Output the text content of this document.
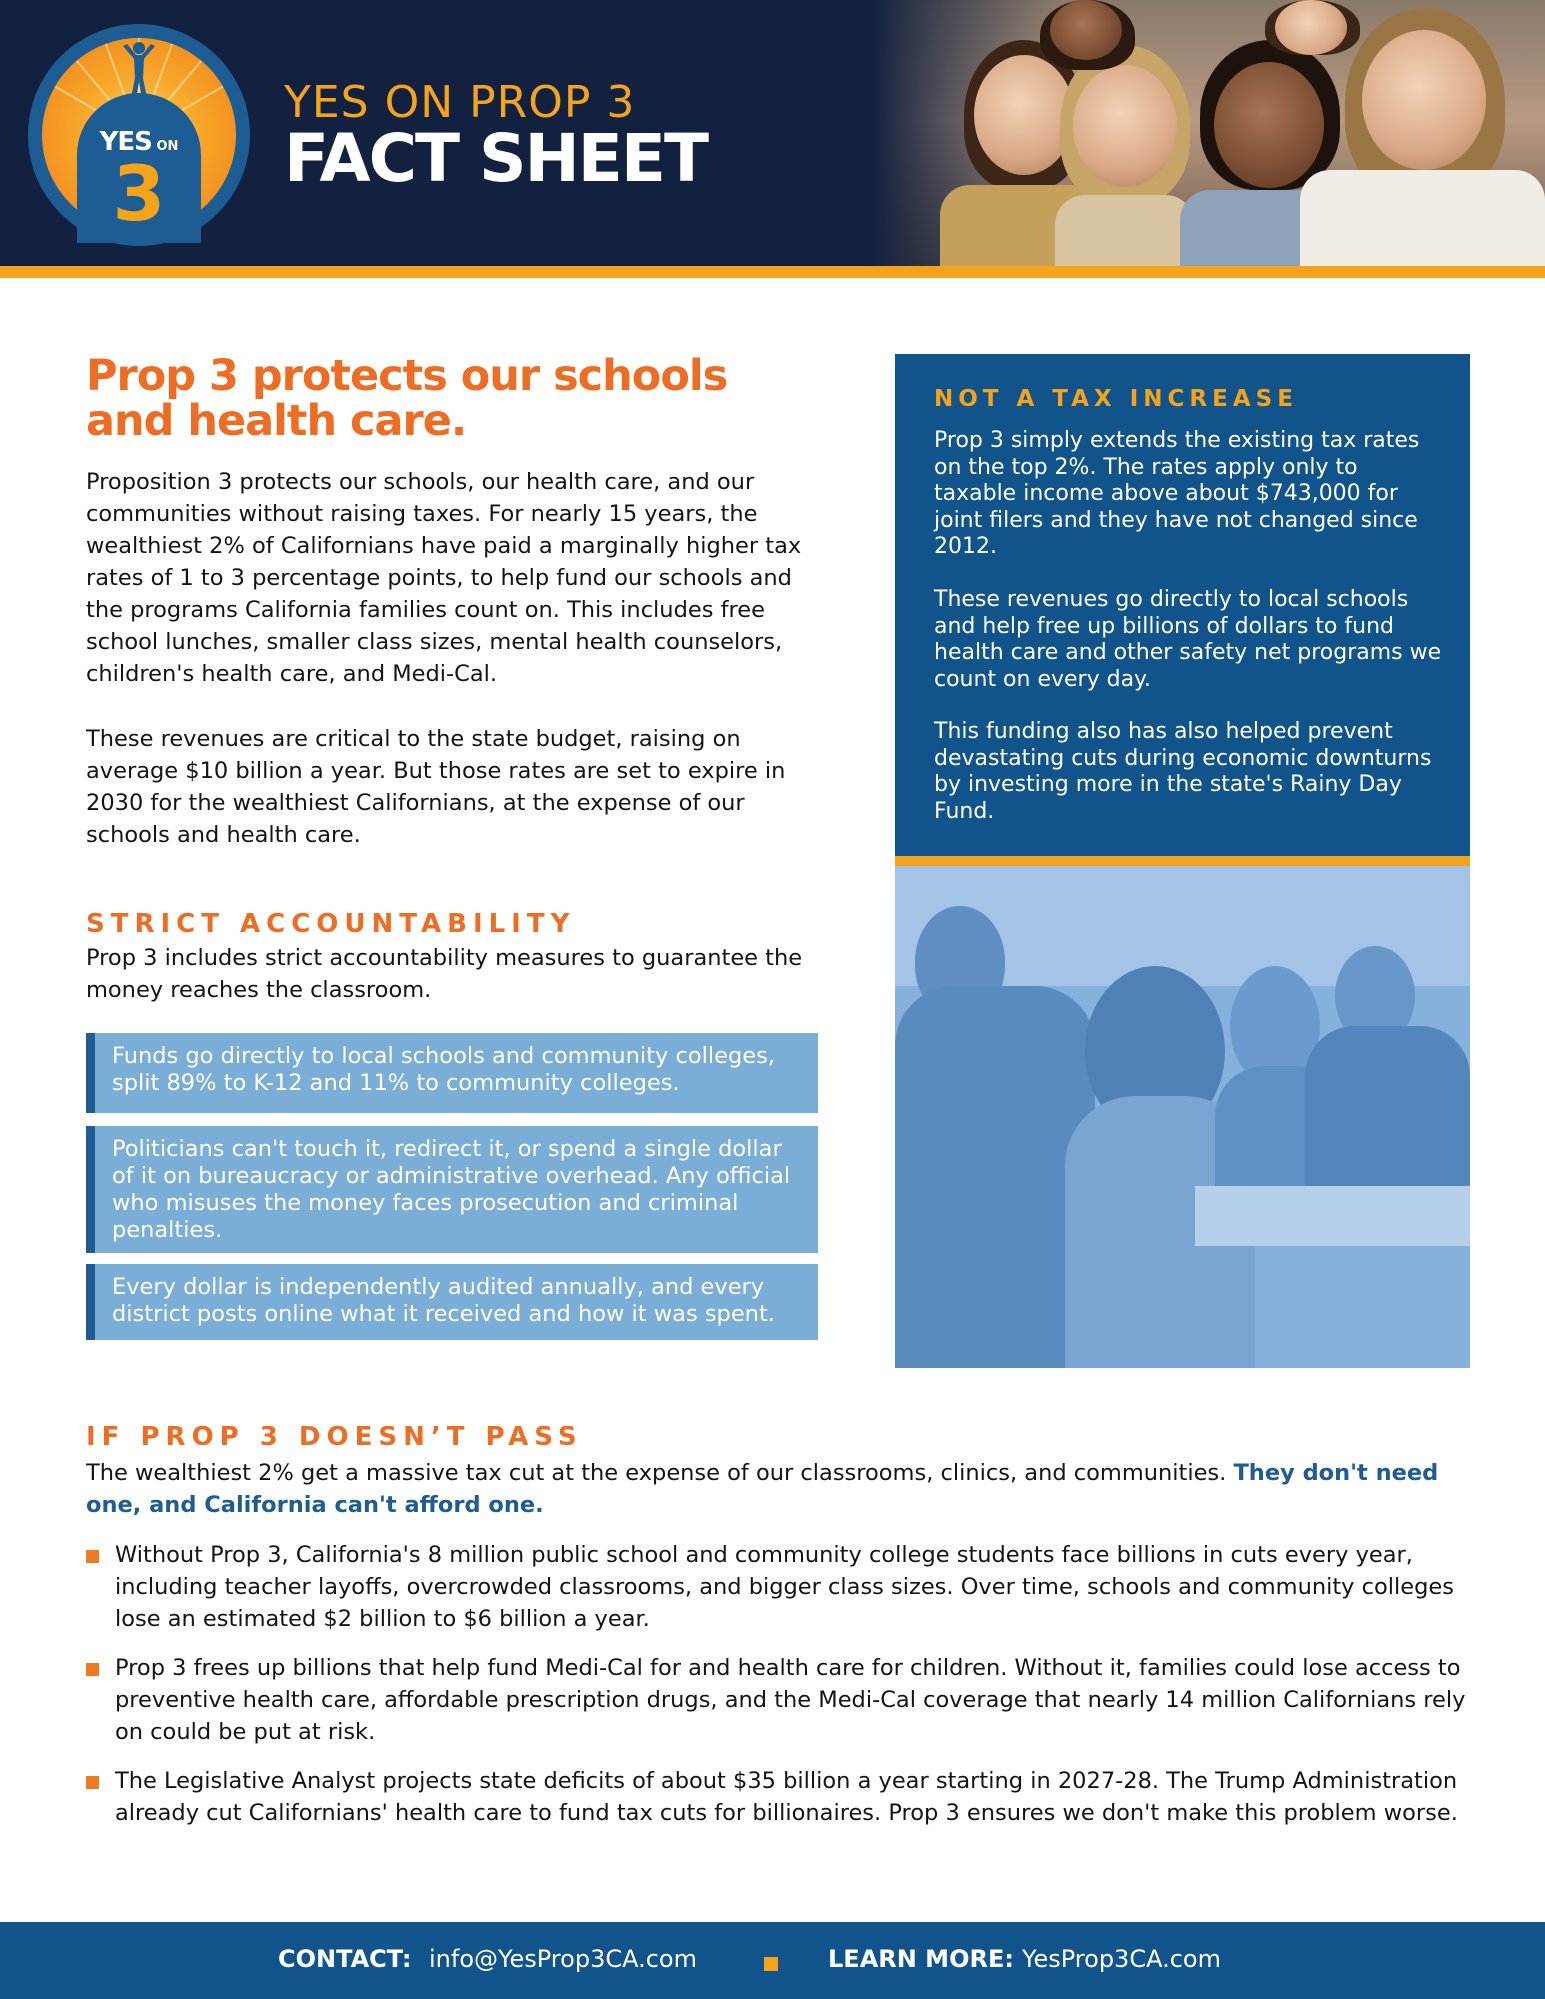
YES ON
3
YES ON PROP 3
FACT SHEET
Prop 3 protects our schools and health care.

Proposition 3 protects our schools, our health care, and our communities without raising taxes. For nearly 15 years, the wealthiest 2% of Californians have paid a marginally higher tax rates of 1 to 3 percentage points, to help fund our schools and the programs California families count on. This includes free school lunches, smaller class sizes, mental health counselors, children's health care, and Medi-Cal.

These revenues are critical to the state budget, raising on average $10 billion a year. But those rates are set to expire in 2030 for the wealthiest Californians, at the expense of our schools and health care.

STRICT ACCOUNTABILITY

Prop 3 includes strict accountability measures to guarantee the money reaches the classroom.

Funds go directly to local schools and community colleges, split 89% to K-12 and 11% to community colleges.
Politicians can't touch it, redirect it, or spend a single dollar of it on bureaucracy or administrative overhead. Any official who misuses the money faces prosecution and criminal penalties.
Every dollar is independently audited annually, and every district posts online what it received and how it was spent.
NOT A TAX INCREASE

Prop 3 simply extends the existing tax rates on the top 2%. The rates apply only to taxable income above about $743,000 for joint filers and they have not changed since 2012.

These revenues go directly to local schools and help free up billions of dollars to fund health care and other safety net programs we count on every day.

This funding also has also helped prevent devastating cuts during economic downturns by investing more in the state's Rainy Day Fund.

IF PROP 3 DOESN’T PASS

The wealthiest 2% get a massive tax cut at the expense of our classrooms, clinics, and communities. They don't need one, and California can't afford one.

Without Prop 3, California's 8 million public school and community college students face billions in cuts every year, including teacher layoffs, overcrowded classrooms, and bigger class sizes. Over time, schools and community colleges lose an estimated $2 billion to $6 billion a year.
Prop 3 frees up billions that help fund Medi-Cal for and health care for children. Without it, families could lose access to preventive health care, affordable prescription drugs, and the Medi-Cal coverage that nearly 14 million Californians rely on could be put at risk.
The Legislative Analyst projects state deficits of about $35 billion a year starting in 2027-28. The Trump Administration already cut Californians' health care to fund tax cuts for billionaires. Prop 3 ensures we don't make this problem worse.
CONTACT: info@YesProp3CA.com	LEARN MORE: YesProp3CA.com
